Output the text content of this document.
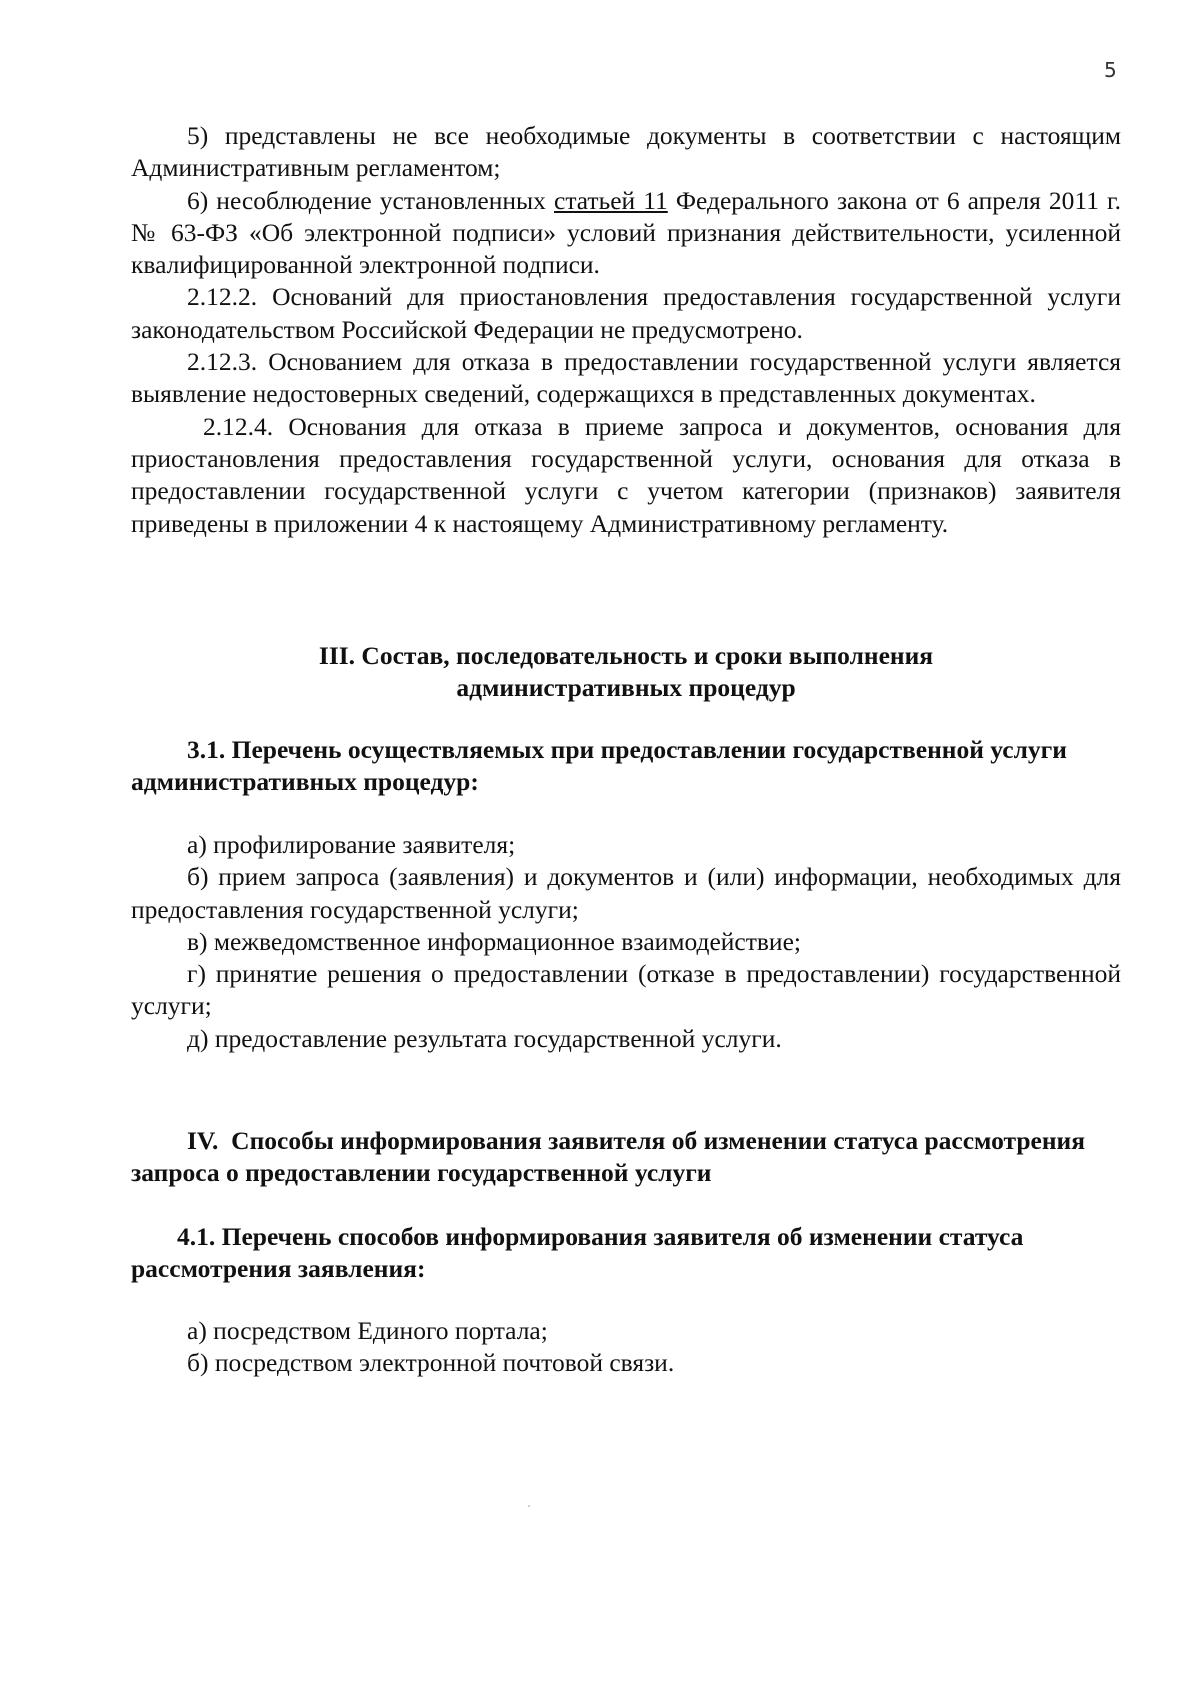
5

5) представлены не все необходимые документы в соответствии с настоящим Административным регламентом;

6) несоблюдение установленных статьей 11 Федерального закона от 6 апреля 2011 г. № 63-ФЗ «Об электронной подписи» условий признания действительности, усиленной квалифицированной электронной подписи.

2.12.2. Оснований для приостановления предоставления государственной услуги законодательством Российской Федерации не предусмотрено.

2.12.3. Основанием для отказа в предоставлении государственной услуги является выявление недостоверных сведений, содержащихся в представленных документах.

2.12.4. Основания для отказа в приеме запроса и документов, основания для приостановления предоставления государственной услуги, основания для отказа в предоставлении государственной услуги с учетом категории (признаков) заявителя приведены в приложении 4 к настоящему Административному регламенту.

III. Состав, последовательность и сроки выполнения административных процедур

3.1. Перечень осуществляемых при предоставлении государственной услуги административных процедур:

а) профилирование заявителя;

б) прием запроса (заявления) и документов и (или) информации, необходимых для предоставления государственной услуги;

в) межведомственное информационное взаимодействие;

г) принятие решения о предоставлении (отказе в предоставлении) государственной услуги;

д) предоставление результата государственной услуги.

IV.  Способы информирования заявителя об изменении статуса рассмотрения запроса о предоставлении государственной услуги

4.1. Перечень способов информирования заявителя об изменении статуса рассмотрения заявления:

а) посредством Единого портала;

б) посредством электронной почтовой связи.
